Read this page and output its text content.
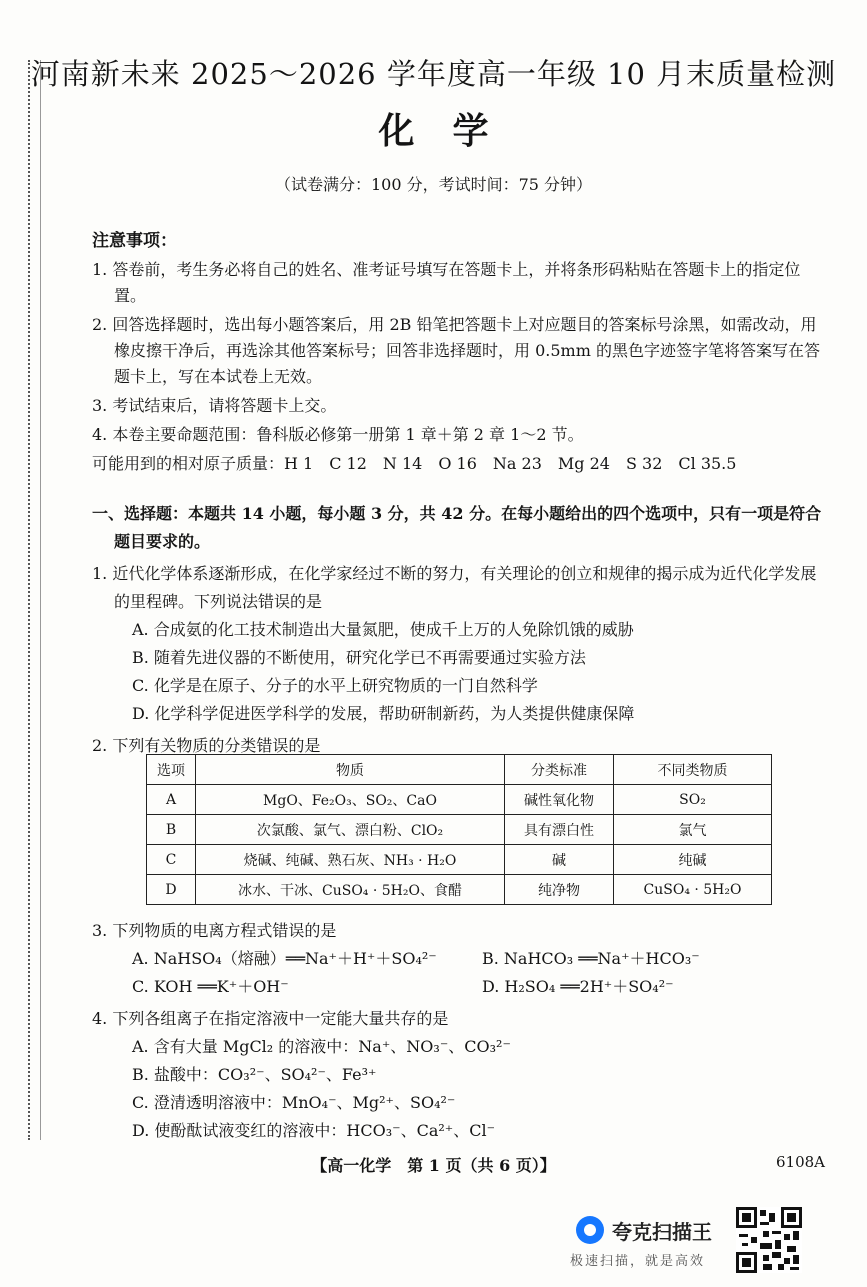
河南新未来 2025～2026 学年度高一年级 10 月末质量检测
化学
（试卷满分：100 分，考试时间：75 分钟）
注意事项：
1. 答卷前，考生务必将自己的姓名、准考证号填写在答题卡上，并将条形码粘贴在答题卡上的指定位置。
2. 回答选择题时，选出每小题答案后，用 2B 铅笔把答题卡上对应题目的答案标号涂黑，如需改动，用橡皮擦干净后，再选涂其他答案标号；回答非选择题时，用 0.5mm 的黑色字迹签字笔将答案写在答题卡上，写在本试卷上无效。
3. 考试结束后，请将答题卡上交。
4. 本卷主要命题范围：鲁科版必修第一册第 1 章＋第 2 章 1～2 节。
可能用到的相对原子质量：H 1　C 12　N 14　O 16　Na 23　Mg 24　S 32　Cl 35.5
一、选择题：本题共 14 小题，每小题 3 分，共 42 分。在每小题给出的四个选项中，只有一项是符合题目要求的。
1. 近代化学体系逐渐形成，在化学家经过不断的努力，有关理论的创立和规律的揭示成为近代化学发展的里程碑。下列说法错误的是
A. 合成氨的化工技术制造出大量氮肥，使成千上万的人免除饥饿的威胁
B. 随着先进仪器的不断使用，研究化学已不再需要通过实验方法
C. 化学是在原子、分子的水平上研究物质的一门自然科学
D. 化学科学促进医学科学的发展，帮助研制新药，为人类提供健康保障
2. 下列有关物质的分类错误的是
选项	物质	分类标准	不同类物质
A	MgO、Fe₂O₃、SO₂、CaO	碱性氧化物	SO₂
B	次氯酸、氯气、漂白粉、ClO₂	具有漂白性	氯气
C	烧碱、纯碱、熟石灰、NH₃ · H₂O	碱	纯碱
D	冰水、干冰、CuSO₄ · 5H₂O、食醋	纯净物	CuSO₄ · 5H₂O
3. 下列物质的电离方程式错误的是
A. NaHSO₄（熔融）══Na⁺＋H⁺＋SO₄²⁻	B. NaHCO₃ ══Na⁺＋HCO₃⁻
C. KOH ══K⁺＋OH⁻	D. H₂SO₄ ══2H⁺＋SO₄²⁻
4. 下列各组离子在指定溶液中一定能大量共存的是
A. 含有大量 MgCl₂ 的溶液中：Na⁺、NO₃⁻、CO₃²⁻
B. 盐酸中：CO₃²⁻、SO₄²⁻、Fe³⁺
C. 澄清透明溶液中：MnO₄⁻、Mg²⁺、SO₄²⁻
D. 使酚酞试液变红的溶液中：HCO₃⁻、Ca²⁺、Cl⁻
【高一化学　第 1 页（共 6 页）】	6108A
夸克扫描王
极速扫描，就是高效
